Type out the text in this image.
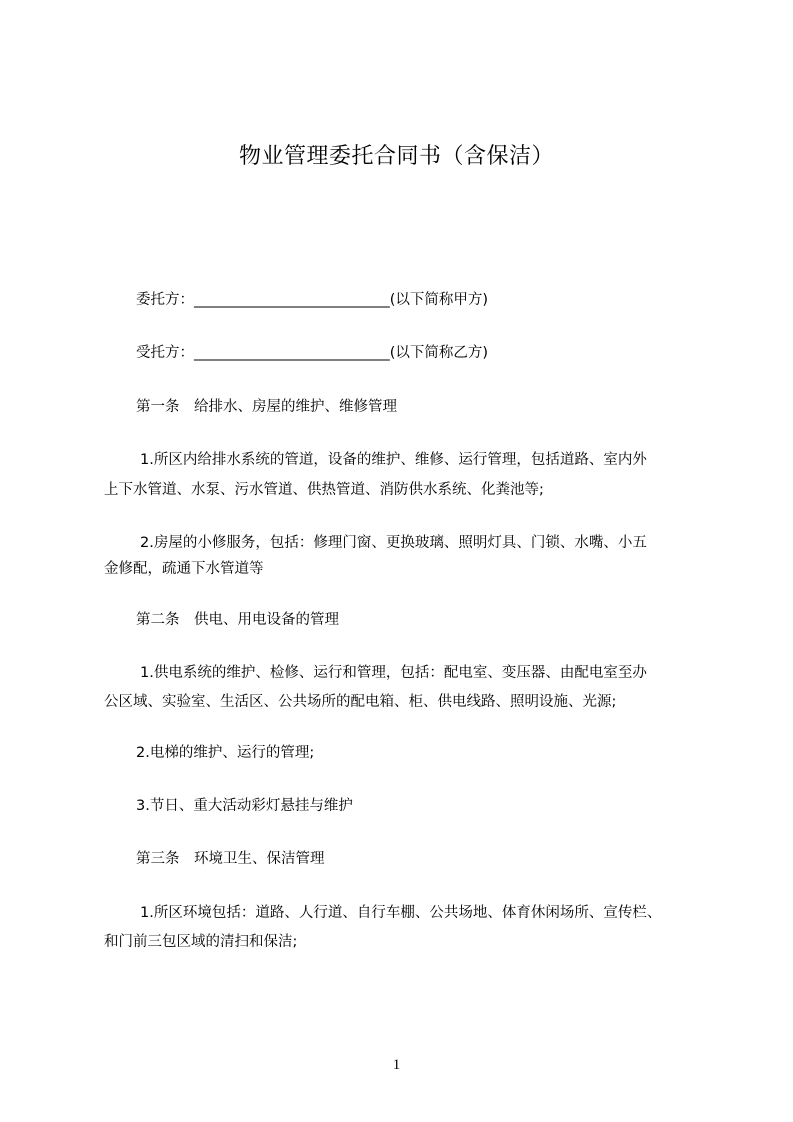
物业管理委托合同书（含保洁）
委托方：___________________________(以下简称甲方)
受托方：___________________________(以下简称乙方)
第一条　给排水、房屋的维护、维修管理
1.所区内给排水系统的管道，设备的维护、维修、运行管理，包括道路、室内外
上下水管道、水泵、污水管道、供热管道、消防供水系统、化粪池等;
2.房屋的小修服务，包括：修理门窗、更换玻璃、照明灯具、门锁、水嘴、小五
金修配，疏通下水管道等
第二条　供电、用电设备的管理
1.供电系统的维护、检修、运行和管理，包括：配电室、变压器、由配电室至办
公区域、实验室、生活区、公共场所的配电箱、柜、供电线路、照明设施、光源;
2.电梯的维护、运行的管理;
3.节日、重大活动彩灯悬挂与维护
第三条　环境卫生、保洁管理
1.所区环境包括：道路、人行道、自行车棚、公共场地、体育休闲场所、宣传栏、
和门前三包区域的清扫和保洁;
1
